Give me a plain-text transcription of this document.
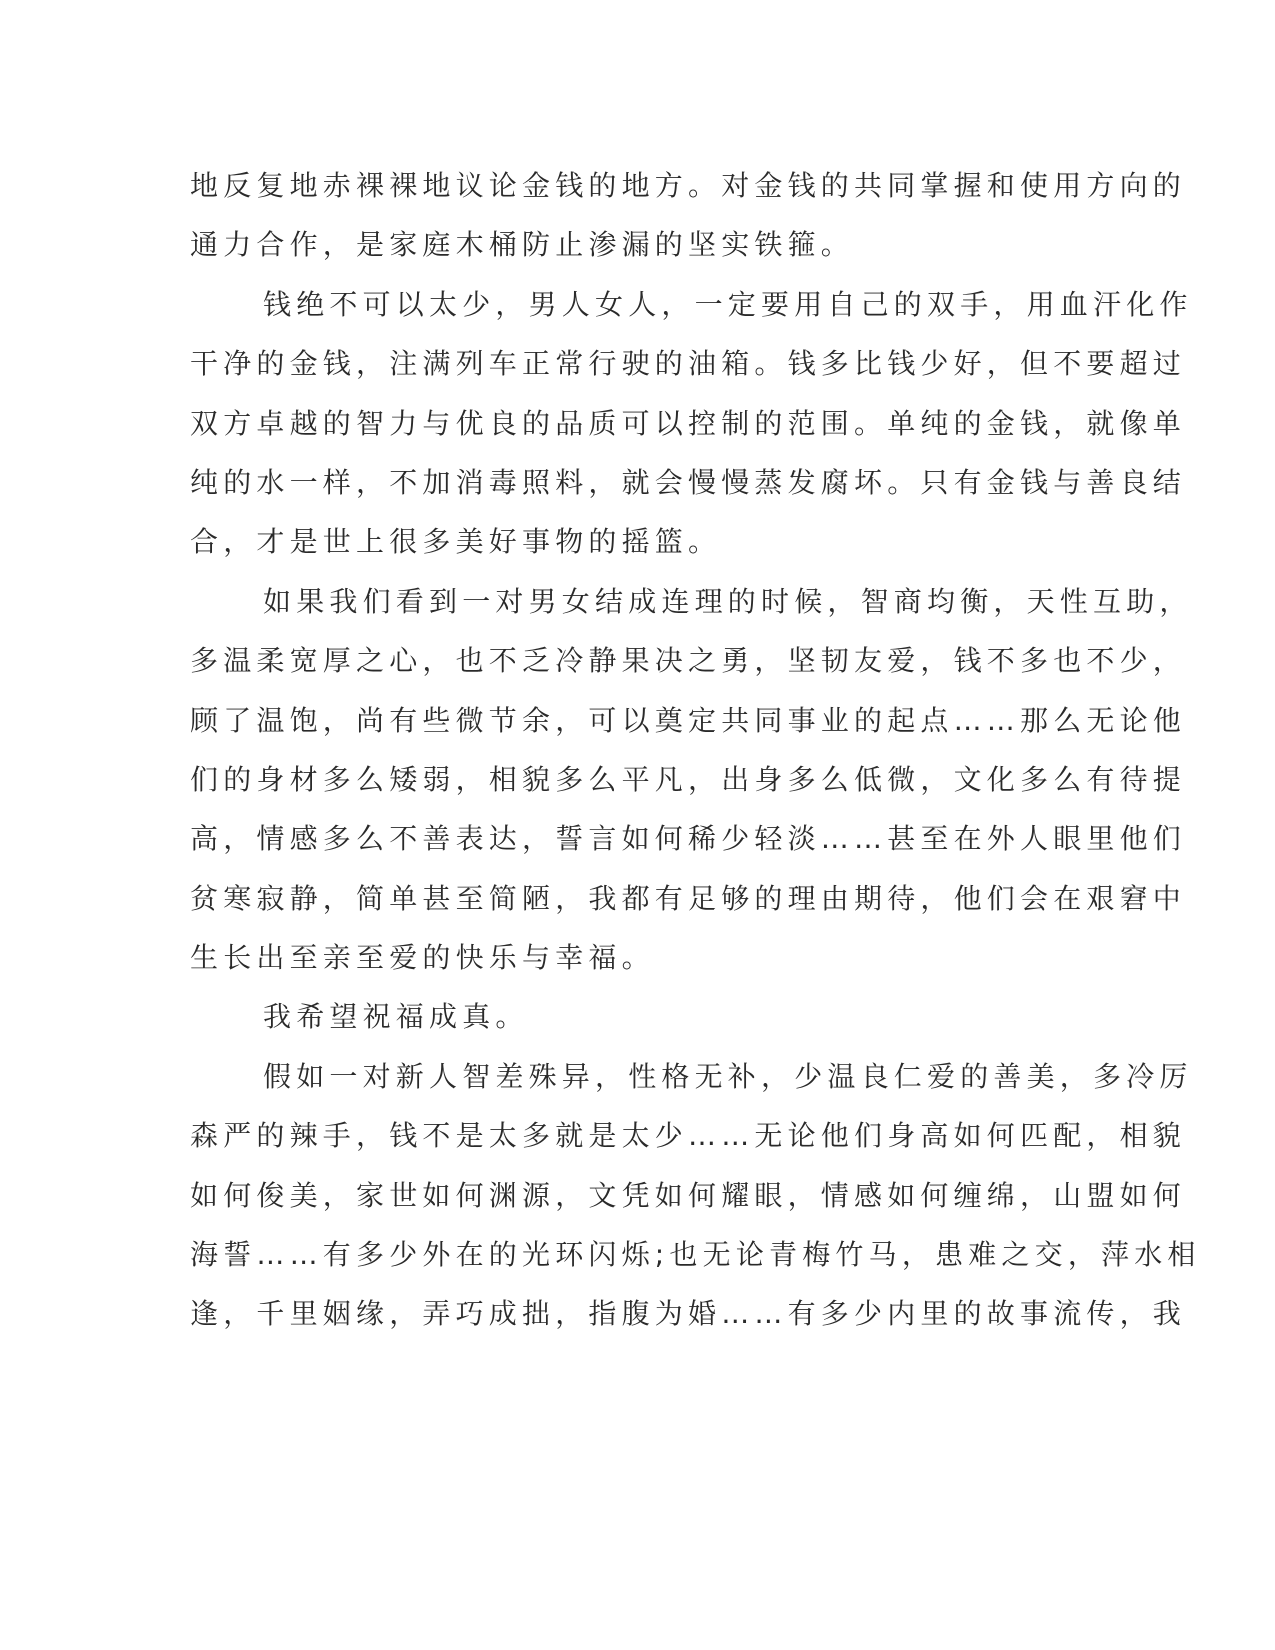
地反复地赤裸裸地议论金钱的地方。对金钱的共同掌握和使用方向的
通力合作，是家庭木桶防止渗漏的坚实铁箍。
钱绝不可以太少，男人女人，一定要用自己的双手，用血汗化作
干净的金钱，注满列车正常行驶的油箱。钱多比钱少好，但不要超过
双方卓越的智力与优良的品质可以控制的范围。单纯的金钱，就像单
纯的水一样，不加消毒照料，就会慢慢蒸发腐坏。只有金钱与善良结
合，才是世上很多美好事物的摇篮。
如果我们看到一对男女结成连理的时候，智商均衡，天性互助，
多温柔宽厚之心，也不乏冷静果决之勇，坚韧友爱，钱不多也不少，
顾了温饱，尚有些微节余，可以奠定共同事业的起点……那么无论他
们的身材多么矮弱，相貌多么平凡，出身多么低微，文化多么有待提
高，情感多么不善表达，誓言如何稀少轻淡……甚至在外人眼里他们
贫寒寂静，简单甚至简陋，我都有足够的理由期待，他们会在艰窘中
生长出至亲至爱的快乐与幸福。
我希望祝福成真。
假如一对新人智差殊异，性格无补，少温良仁爱的善美，多冷厉
森严的辣手，钱不是太多就是太少……无论他们身高如何匹配，相貌
如何俊美，家世如何渊源，文凭如何耀眼，情感如何缠绵，山盟如何
海誓……有多少外在的光环闪烁;也无论青梅竹马，患难之交，萍水相
逢，千里姻缘，弄巧成拙，指腹为婚……有多少内里的故事流传，我
